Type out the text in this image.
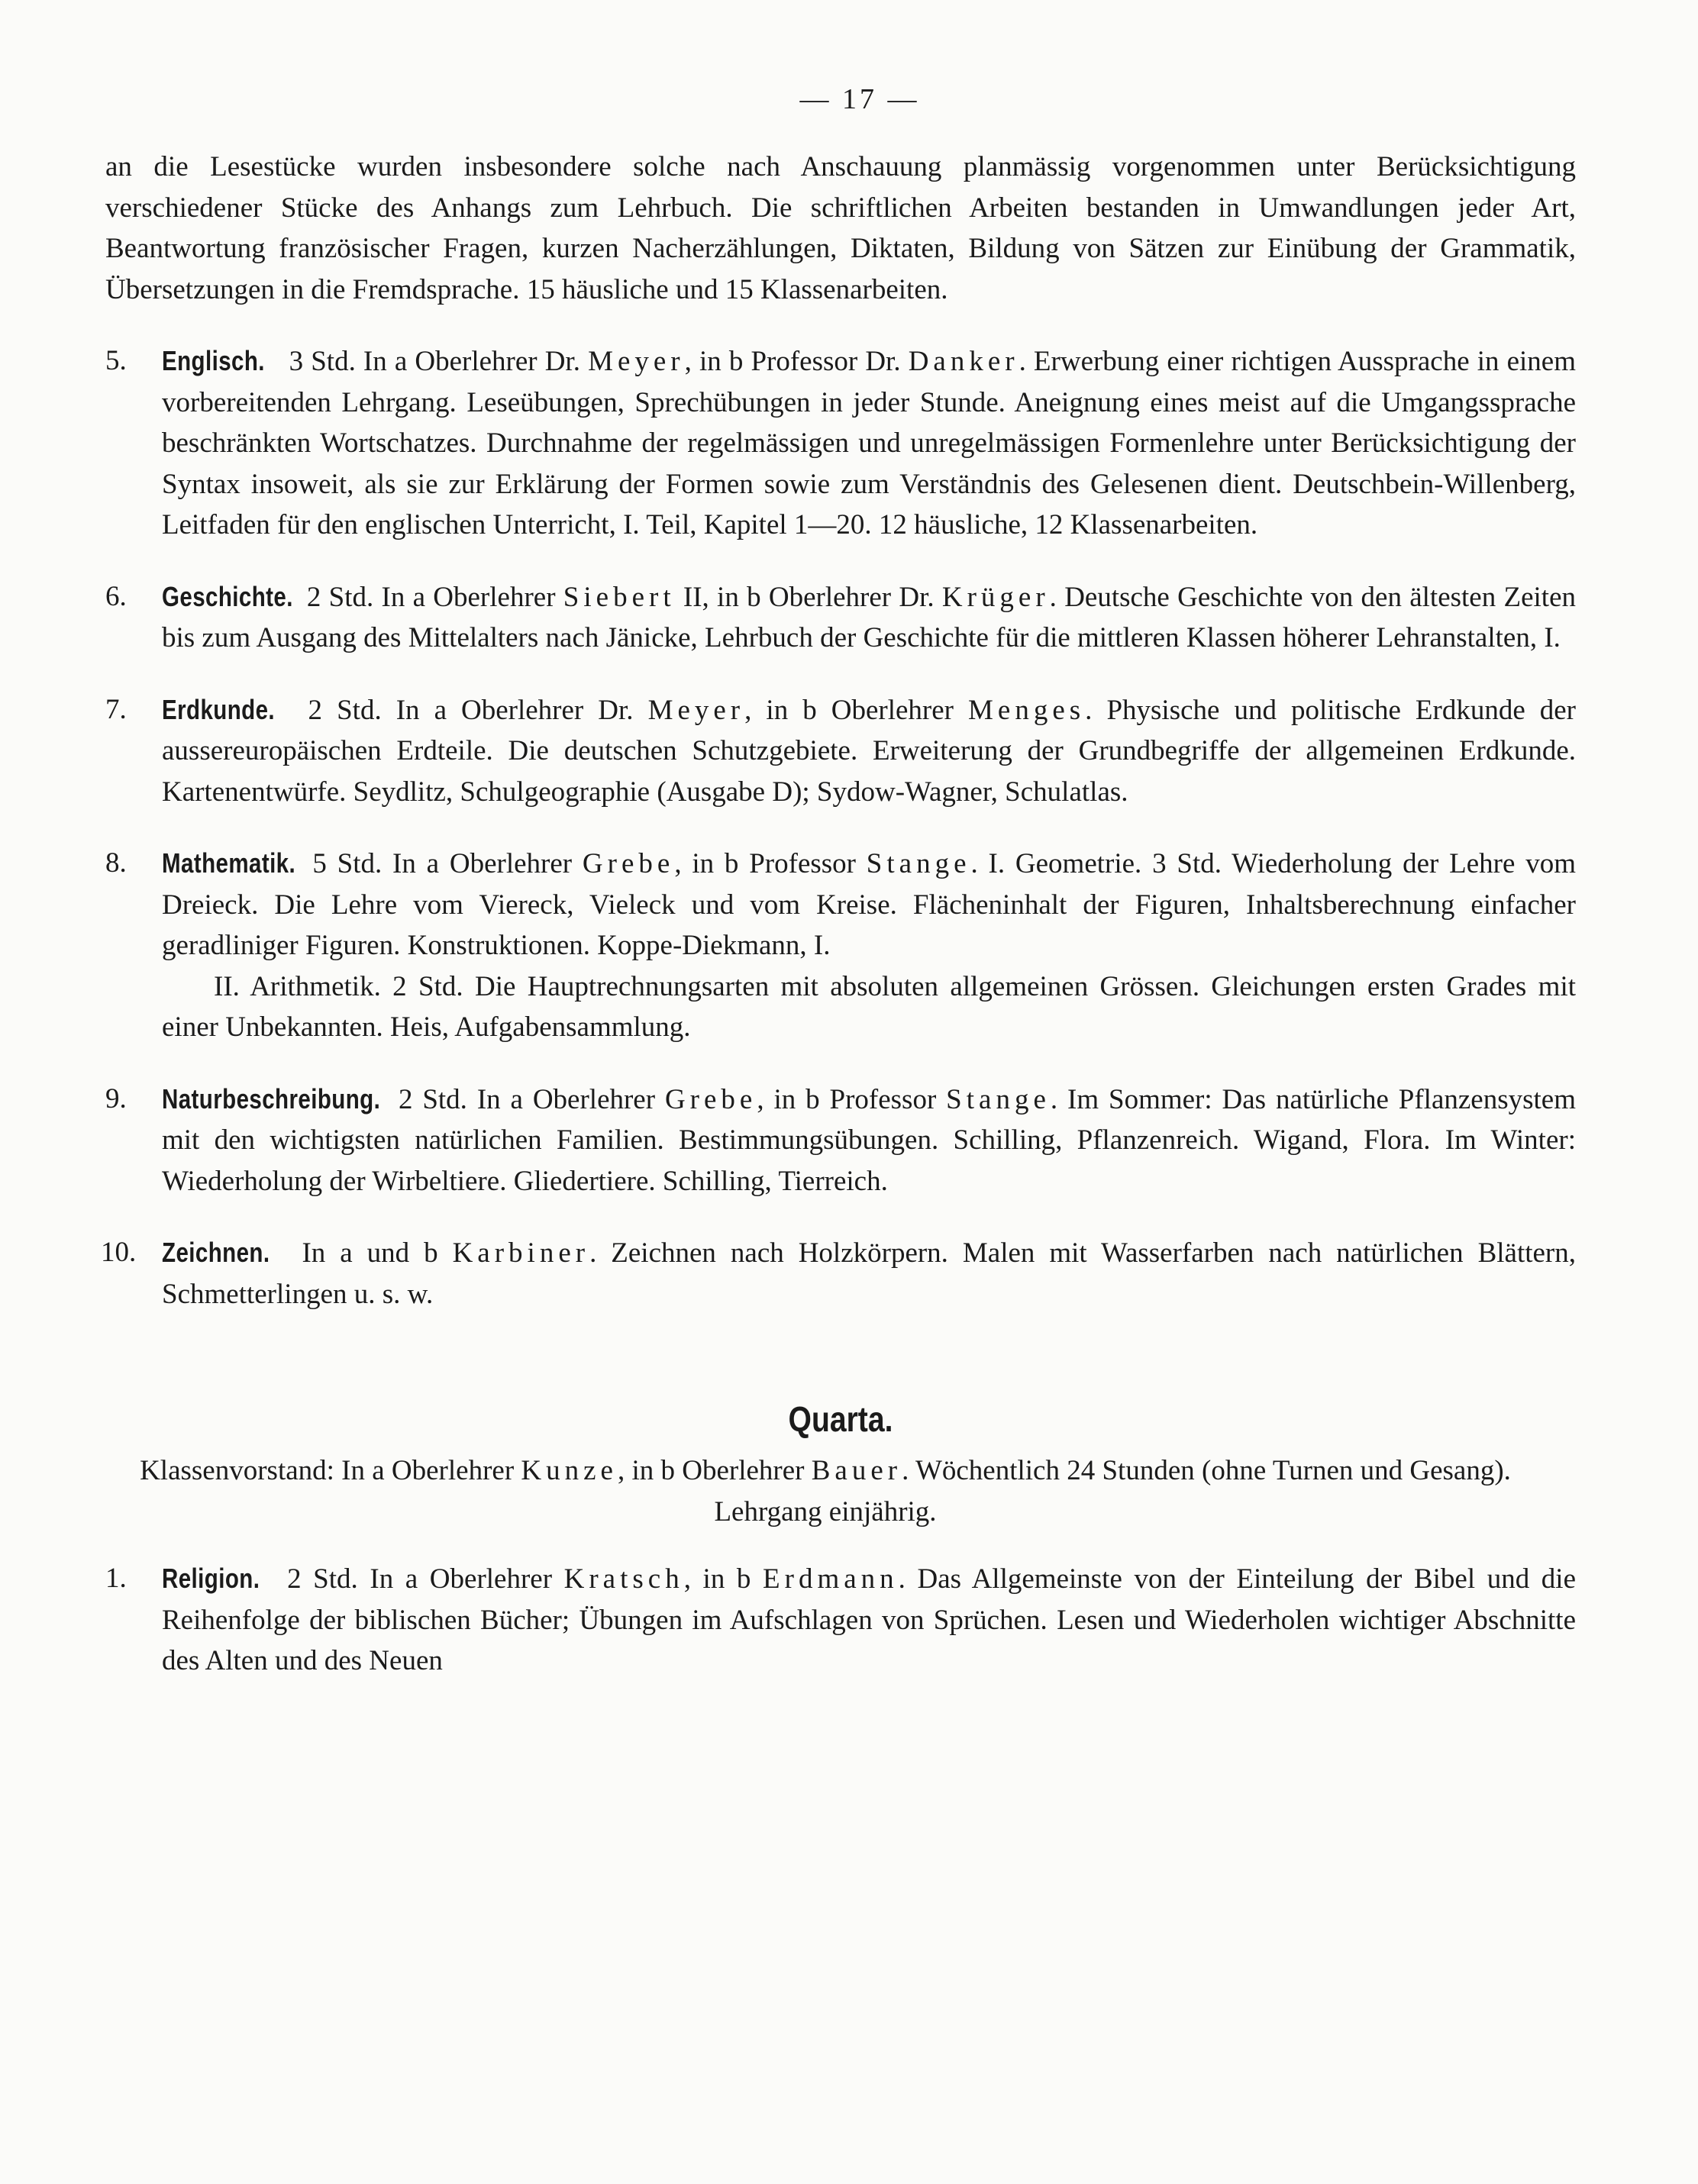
— 17 —

an die Lesestücke wurden insbesondere solche nach Anschauung planmässig vorgenommen unter Berücksichtigung verschiedener Stücke des Anhangs zum Lehrbuch. Die schriftlichen Arbeiten bestanden in Umwandlungen jeder Art, Beantwortung französischer Fragen, kurzen Nacherzählungen, Diktaten, Bildung von Sätzen zur Einübung der Grammatik, Übersetzungen in die Fremdsprache. 15 häusliche und 15 Klassenarbeiten.

5.	Englisch. 3 Std. In a Oberlehrer Dr. Meyer, in b Professor Dr. Danker. Erwerbung einer richtigen Aussprache in einem vorbereitenden Lehrgang. Leseübungen, Sprechübungen in jeder Stunde. Aneignung eines meist auf die Umgangssprache beschränkten Wortschatzes. Durchnahme der regelmässigen und unregelmässigen Formenlehre unter Berücksichtigung der Syntax insoweit, als sie zur Erklärung der Formen sowie zum Verständnis des Gelesenen dient. Deutschbein-Willenberg, Leitfaden für den englischen Unterricht, I. Teil, Kapitel 1—20. 12 häusliche, 12 Klassenarbeiten.

6.	Geschichte. 2 Std. In a Oberlehrer Siebert II, in b Oberlehrer Dr. Krüger. Deutsche Geschichte von den ältesten Zeiten bis zum Ausgang des Mittelalters nach Jänicke, Lehrbuch der Geschichte für die mittleren Klassen höherer Lehranstalten, I.

7.	Erdkunde. 2 Std. In a Oberlehrer Dr. Meyer, in b Oberlehrer Menges. Physische und politische Erdkunde der aussereuropäischen Erdteile. Die deutschen Schutzgebiete. Erweiterung der Grundbegriffe der allgemeinen Erdkunde. Kartenentwürfe. Seydlitz, Schulgeographie (Ausgabe D); Sydow-Wagner, Schulatlas.

8.	Mathematik. 5 Std. In a Oberlehrer Grebe, in b Professor Stange. I. Geometrie. 3 Std. Wiederholung der Lehre vom Dreieck. Die Lehre vom Viereck, Vieleck und vom Kreise. Flächeninhalt der Figuren, Inhaltsberechnung einfacher geradliniger Figuren. Konstruktionen. Koppe-Diekmann, I.

II. Arithmetik. 2 Std. Die Hauptrechnungsarten mit absoluten allgemeinen Grössen. Gleichungen ersten Grades mit einer Unbekannten. Heis, Aufgabensammlung.

9.	Naturbeschreibung. 2 Std. In a Oberlehrer Grebe, in b Professor Stange. Im Sommer: Das natürliche Pflanzensystem mit den wichtigsten natürlichen Familien. Bestimmungsübungen. Schilling, Pflanzenreich. Wigand, Flora. Im Winter: Wiederholung der Wirbeltiere. Gliedertiere. Schilling, Tierreich.

10. Zeichnen. In a und b Karbiner. Zeichnen nach Holzkörpern. Malen mit Wasserfarben nach natürlichen Blättern, Schmetterlingen u. s. w.

Quarta.

Klassenvorstand: In a Oberlehrer Kunze, in b Oberlehrer Bauer. Wöchentlich 24 Stunden (ohne Turnen und Gesang). Lehrgang einjährig.

1.	Religion. 2 Std. In a Oberlehrer Kratsch, in b Erdmann. Das Allgemeinste von der Einteilung der Bibel und die Reihenfolge der biblischen Bücher; Übungen im Aufschlagen von Sprüchen. Lesen und Wiederholen wichtiger Abschnitte des Alten und des Neuen
